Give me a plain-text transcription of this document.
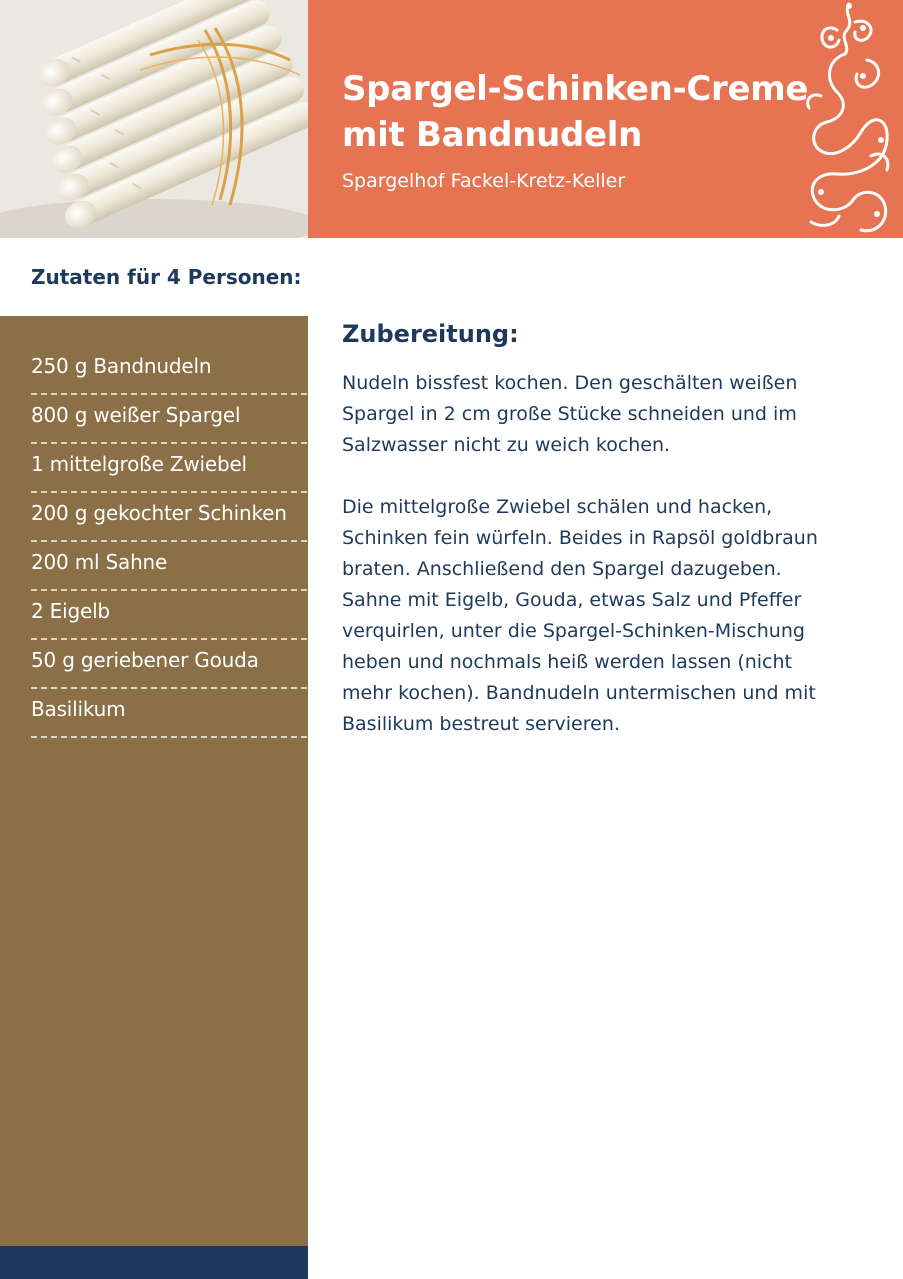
Spargel-Schinken-Creme
mit Bandnudeln
Spargelhof Fackel-Kretz-Keller
Zutaten für 4 Personen:
250 g Bandnudeln
800 g weißer Spargel
1 mittelgroße Zwiebel
200 g gekochter Schinken
200 ml Sahne
2 Eigelb
50 g geriebener Gouda
Basilikum
Zubereitung:

Nudeln bissfest kochen. Den geschälten weißen Spargel in 2 cm große Stücke schneiden und im Salzwasser nicht zu weich kochen.

Die mittelgroße Zwiebel schälen und hacken, Schinken fein würfeln. Beides in Rapsöl goldbraun braten. Anschließend den Spargel dazugeben. Sahne mit Eigelb, Gouda, etwas Salz und Pfeffer verquirlen, unter die Spargel-Schinken-Mischung heben und nochmals heiß werden lassen (nicht mehr kochen). Bandnudeln untermischen und mit Basilikum bestreut servieren.
